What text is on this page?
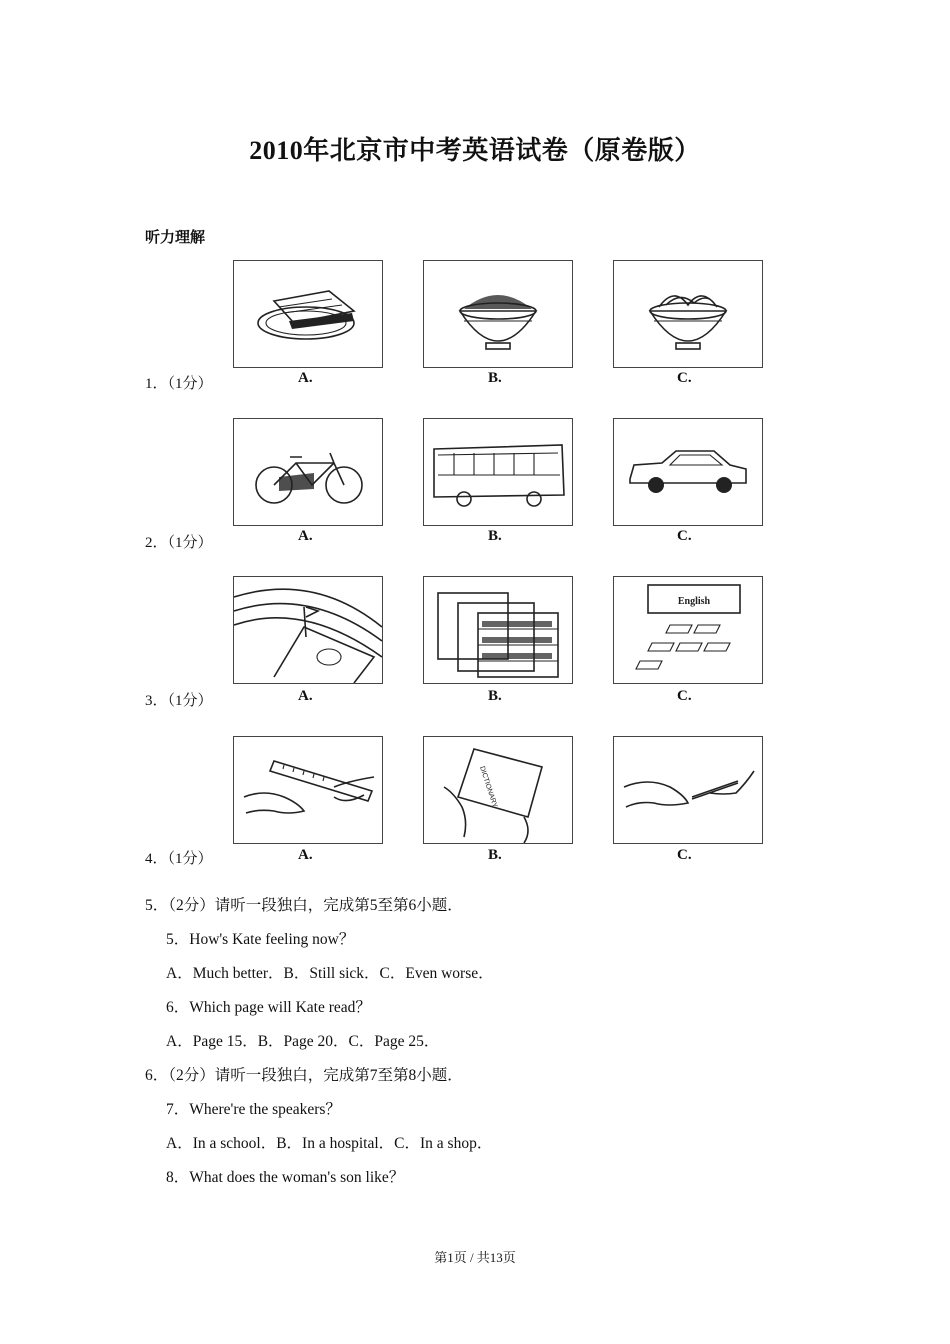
2010年北京市中考英语试卷（原卷版）
听力理解
A.	B.	C.
1．（1分）
A.	B.	C.
2．（1分）
English
A.	B.	C.
3．（1分）
DICTIONARY
A.	B.	C.
4．（1分）
5．（2分）请听一段独白，完成第5至第6小题．
5．How's Kate feeling now？
A．Much better．B．Still sick．C．Even worse．
6．Which page will Kate read？
A．Page 15．B．Page 20．C．Page 25．
6．（2分）请听一段独白，完成第7至第8小题．
7．Where're the speakers？
A．In a school．B．In a hospital．C．In a shop．
8．What does the woman's son like？
第1页 / 共13页
